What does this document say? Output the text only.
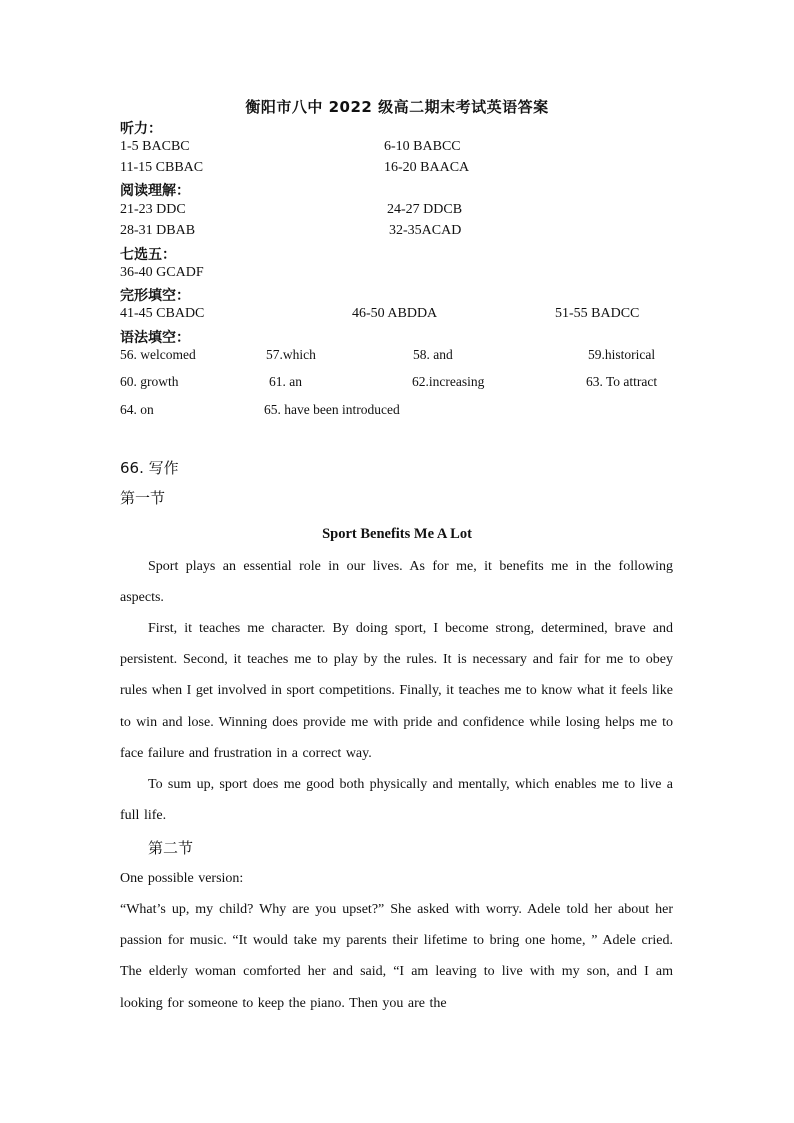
衡阳市八中 2022 级高二期末考试英语答案
听力：
1-5 BACBC	6-10 BABCC
11-15 CBBAC	16-20 BAACA
阅读理解：
21-23 DDC	24-27 DDCB
28-31 DBAB	32-35ACAD
七选五：
36-40 GCADF
完形填空：
41-45 CBADC	46-50 ABDDA	51-55 BADCC
语法填空：
56. welcomed	57.which	58. and	59.historical
60. growth	61. an	62.increasing	63. To attract
64. on	65. have been introduced
66. 写作
第一节
Sport Benefits Me A Lot
Sport plays an essential role in our lives. As for me, it benefits me in the following aspects.
First, it teaches me character. By doing sport, I become strong, determined, brave and persistent. Second, it teaches me to play by the rules. It is necessary and fair for me to obey rules when I get involved in sport competitions. Finally, it teaches me to know what it feels like to win and lose. Winning does provide me with pride and confidence while losing helps me to face failure and frustration in a correct way.
To sum up, sport does me good both physically and mentally, which enables me to live a full life.
第二节
One possible version:
“What’s up, my child? Why are you upset?” She asked with worry. Adele told her about her passion for music. “It would take my parents their lifetime to bring one home, ” Adele cried. The elderly woman comforted her and said, “I am leaving to live with my son, and I am looking for someone to keep the piano. Then you are the
